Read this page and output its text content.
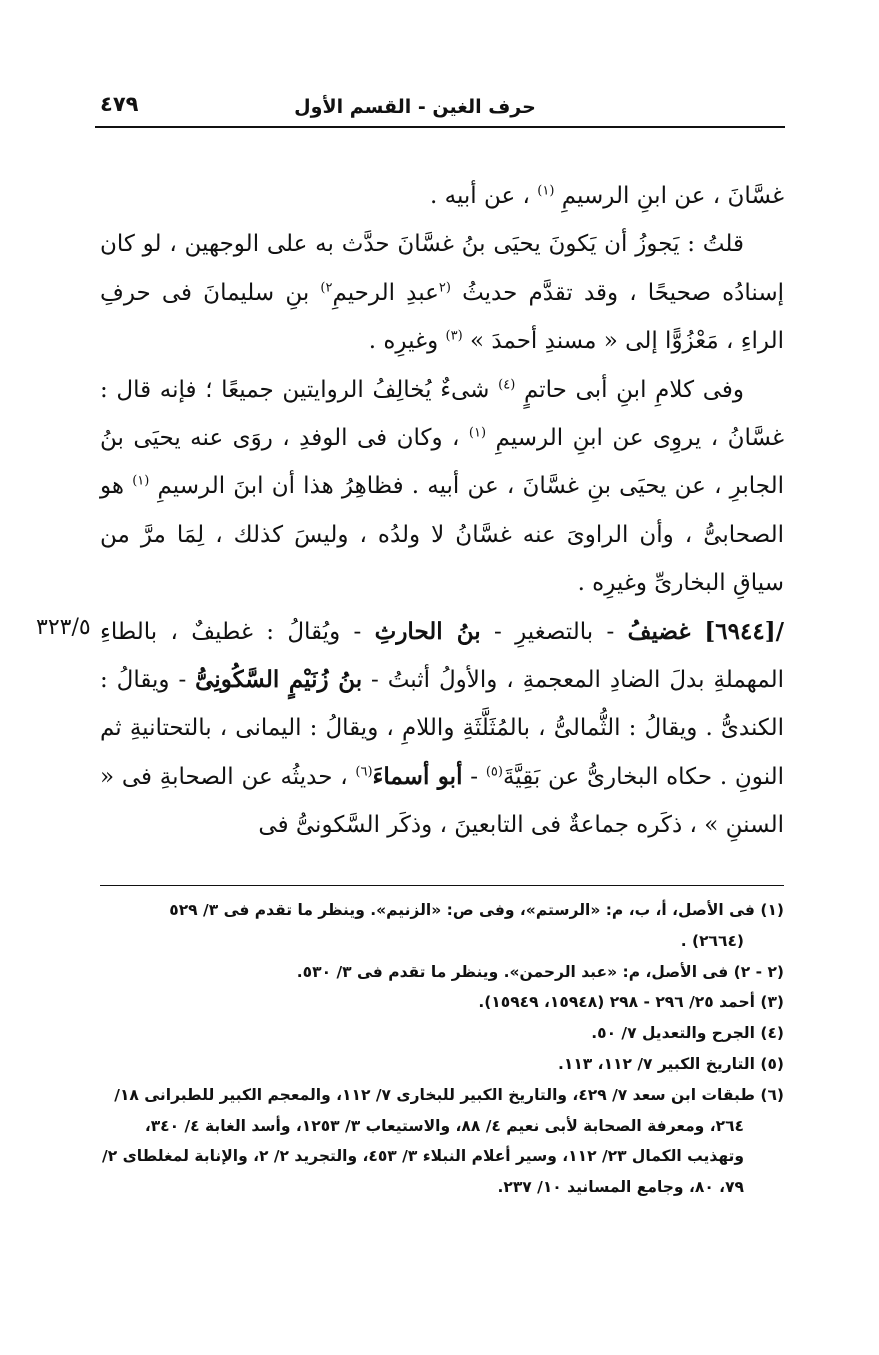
حرف الغين - القسم الأول
٤٧٩

غسَّانَ ، عن ابنِ الرسيمِ $^{(١)}$ ، عن أبيه .

قلتُ : يَجوزُ أن يَكونَ يحيَى بنُ غسَّانَ حدَّث به على الوجهين ، لو كان إسنادُه صحيحًا ، وقد تقدَّم حديثُ $^{(٢}$عبدِ الرحيمِ$^{٢)}$ بنِ سليمانَ فى حرفِ الراءِ ، مَعْزُوًّا إلى « مسندِ أحمدَ » $^{(٣)}$ وغيرِه .

وفى كلامِ ابنِ أبى حاتمٍ $^{(٤)}$ شىءٌ يُخالِفُ الروايتين جميعًا ؛ فإنه قال : غسَّانُ ، يروِى عن ابنِ الرسيمِ $^{(١)}$ ، وكان فى الوفدِ ، روَى عنه يحيَى بنُ الجابرِ ، عن يحيَى بنِ غسَّانَ ، عن أبيه . فظاهِرُ هذا أن ابنَ الرسيمِ $^{(١)}$ هو الصحابىُّ ، وأن الراوىَ عنه غسَّانُ لا ولدُه ، وليسَ كذلك ، لِمَا مرَّ من سياقِ البخارىِّ وغيرِه .

/[٦٩٤٤] غضيفُ - بالتصغيرِ - بنُ الحارثِ - ويُقالُ : غطيفٌ ، بالطاءِ المهملةِ بدلَ الضادِ المعجمةِ ، والأولُ أثبتُ - بنُ زُنَيْمٍ السَّكُونِىُّ - ويقالُ : الكندىُّ . ويقالُ : الثُّمالىُّ ، بالمُثَلَّثَةِ واللامِ ، ويقالُ : اليمانى ، بالتحتانيةِ ثم النونِ . حكاه البخارىُّ عن بَقِيَّةَ$^{(٥)}$ - أبو أسماءَ$^{(٦)}$ ، حديثُه عن الصحابةِ فى « السننِ » ، ذكَره جماعةٌ فى التابعينَ ، وذكَر السَّكونىُّ فى

٣٢٣/٥

(١) فى الأصل، أ، ب، م: «الرستم»، وفى ص: «الزنيم». وينظر ما تقدم فى ٣/ ٥٢٩
(٢٦٦٤) .

(٢ - ٢) فى الأصل، م: «عبد الرحمن». وينظر ما تقدم فى ٣/ ٥٣٠.

(٣) أحمد ٢٥/ ٢٩٦ - ٢٩٨ (١٥٩٤٨، ١٥٩٤٩).

(٤) الجرح والتعديل ٧/ ٥٠.

(٥) التاريخ الكبير ٧/ ١١٢، ١١٣.

(٦) طبقات ابن سعد ٧/ ٤٢٩، والتاريخ الكبير للبخارى ٧/ ١١٢، والمعجم الكبير للطبرانى ١٨/
٢٦٤، ومعرفة الصحابة لأبى نعيم ٤/ ٨٨، والاستيعاب ٣/ ١٢٥٣، وأسد الغابة ٤/ ٣٤٠، وتهذيب الكمال ٢٣/ ١١٢، وسير أعلام النبلاء ٣/ ٤٥٣، والتجريد ٢/ ٢، والإنابة لمغلطاى ٢/ ٧٩، ٨٠، وجامع المسانيد ١٠/ ٢٣٧.
